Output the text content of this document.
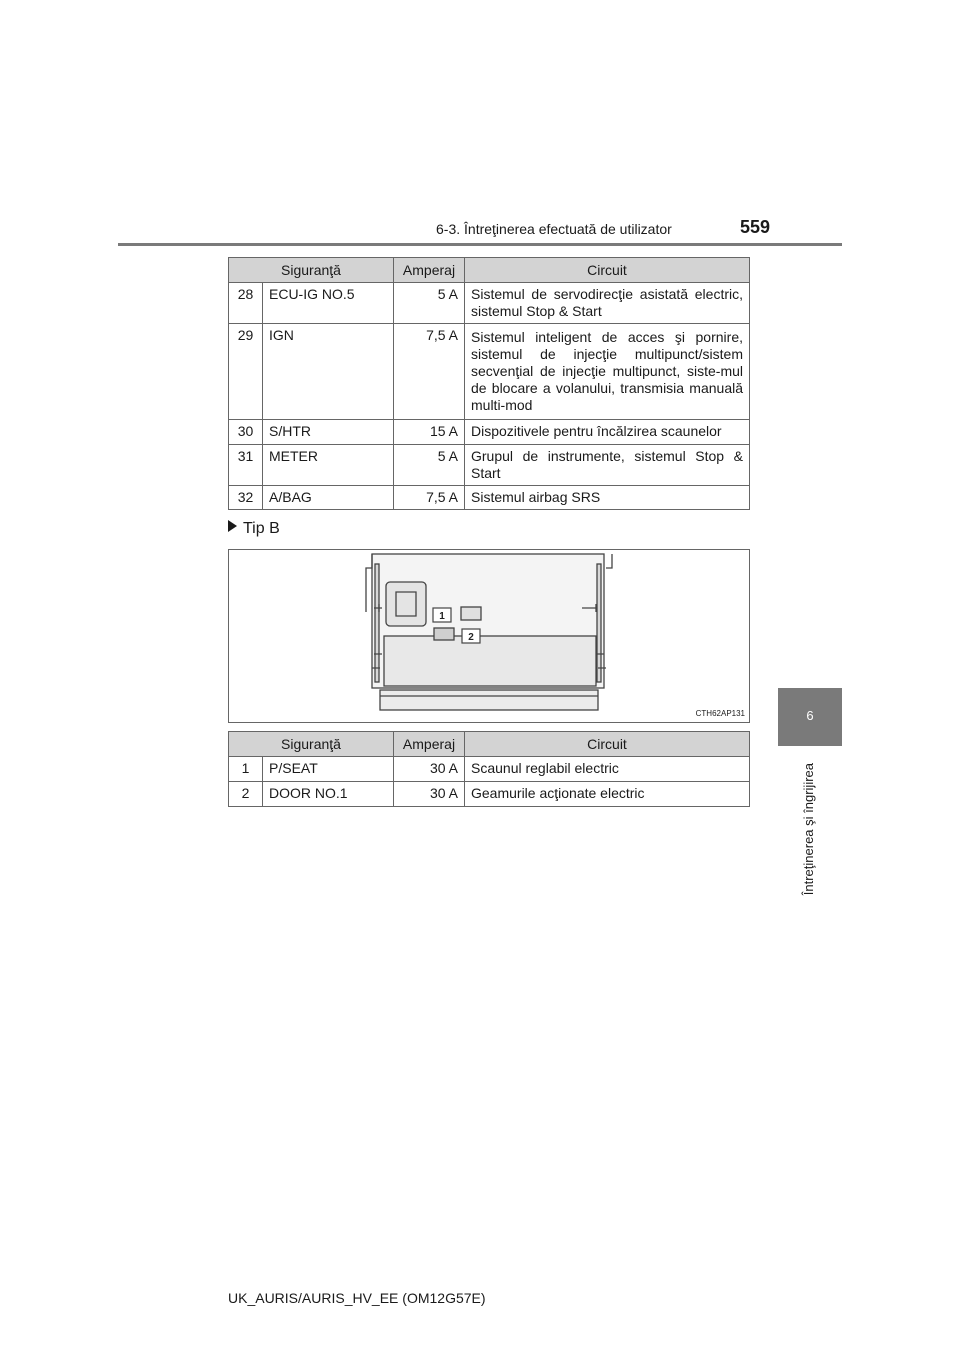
6-3. Întreţinerea efectuată de utilizator	559
6
Întreţinerea şi îngrijirea
Siguranţă		Amperaj	Circuit
28	ECU-IG NO.5	5 A	Sistemul de servodirecţie asistată electric, sistemul Stop & Start
29	IGN	7,5 A	Sistemul inteligent de acces şi pornire, sistemul de injecţie multipunct/sistem secvenţial de injecţie multipunct, siste-mul de blocare a volanului, transmisia manuală multi-mod
30	S/HTR	15 A	Dispozitivele pentru încălzirea scaunelor
31	METER	5 A	Grupul de instrumente, sistemul Stop & Start
32	A/BAG	7,5 A	Sistemul airbag SRS
Tip B
1
2
CTH62AP131
Siguranţă		Amperaj	Circuit
1	P/SEAT	30 A	Scaunul reglabil electric
2	DOOR NO.1	30 A	Geamurile acţionate electric
UK_AURIS/AURIS_HV_EE (OM12G57E)
